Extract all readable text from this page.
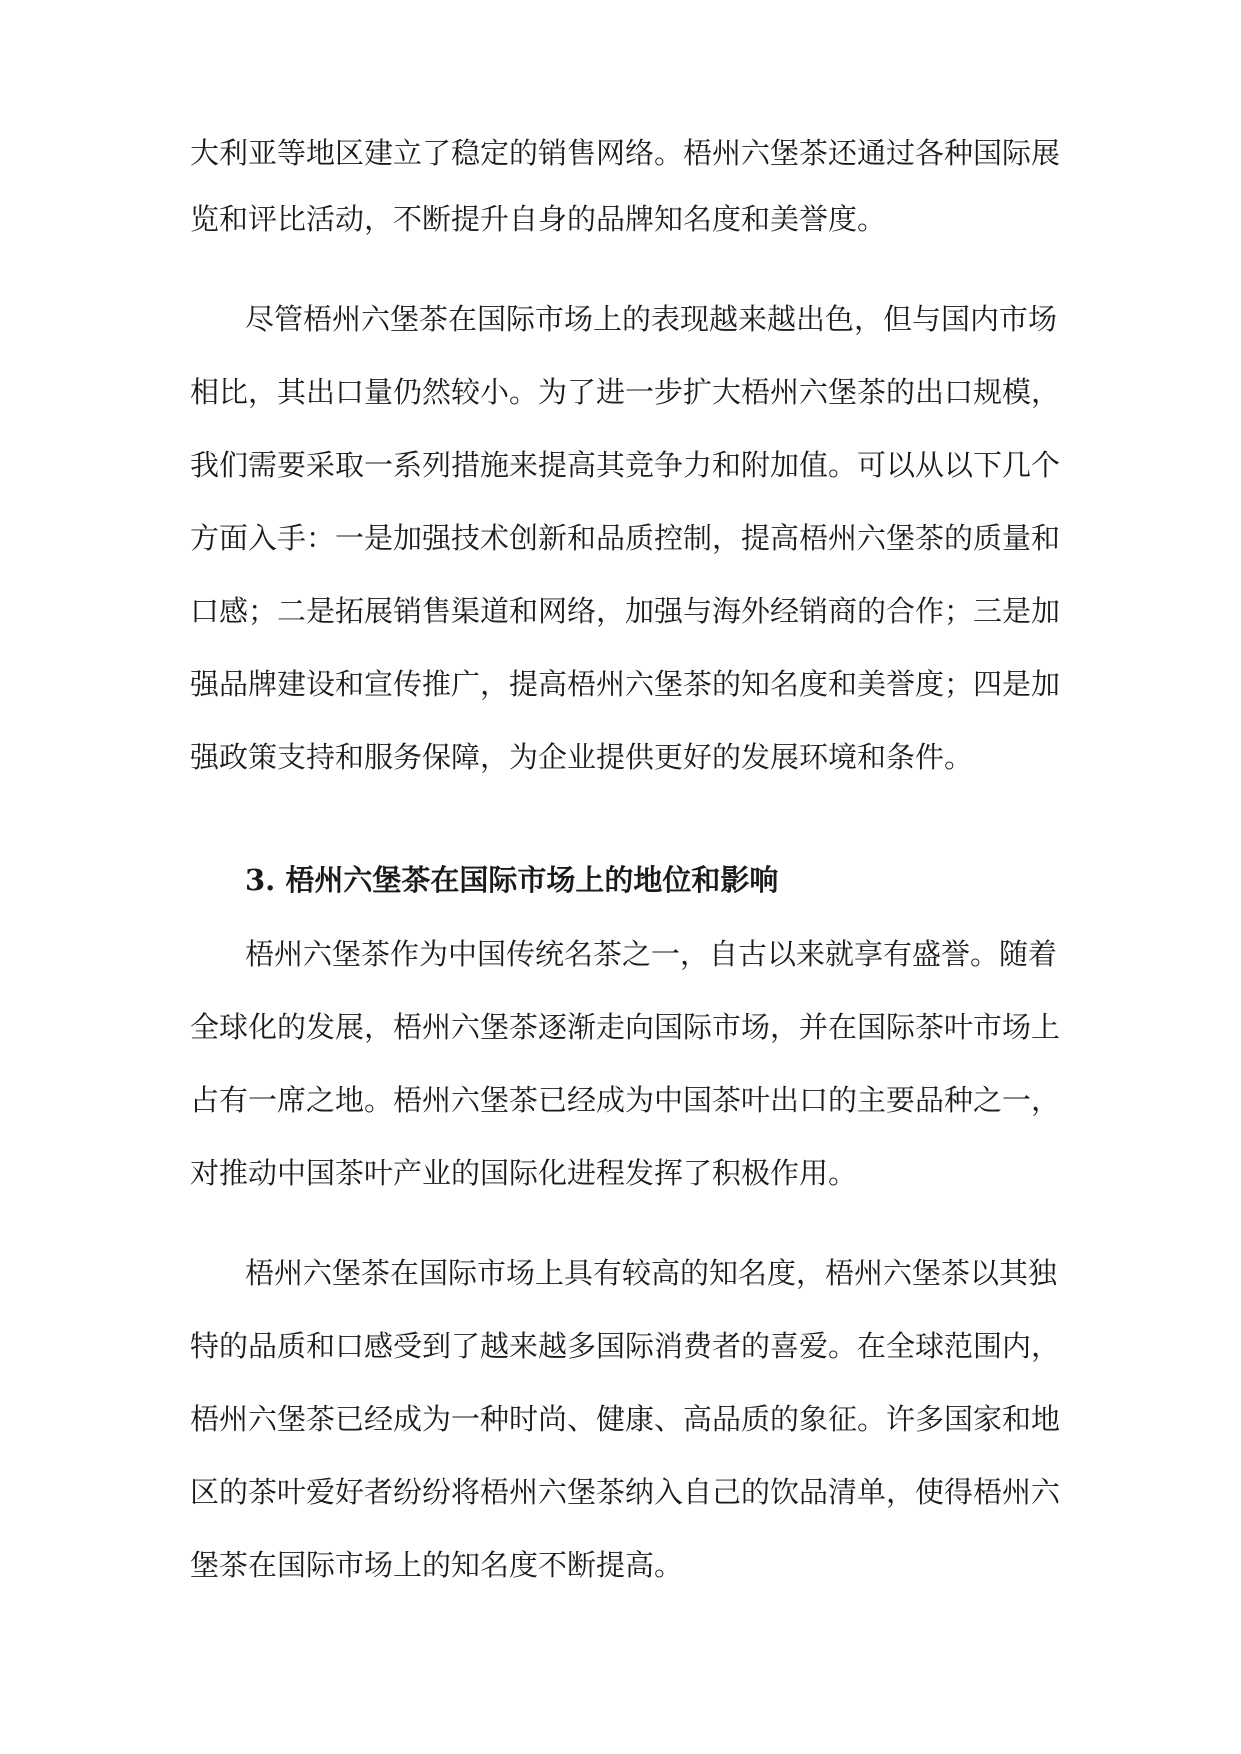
大利亚等地区建立了稳定的销售网络。梧州六堡茶还通过各种国际展
览和评比活动，不断提升自身的品牌知名度和美誉度。
尽管梧州六堡茶在国际市场上的表现越来越出色，但与国内市场
相比，其出口量仍然较小。为了进一步扩大梧州六堡茶的出口规模，
我们需要采取一系列措施来提高其竞争力和附加值。可以从以下几个
方面入手：一是加强技术创新和品质控制，提高梧州六堡茶的质量和
口感；二是拓展销售渠道和网络，加强与海外经销商的合作；三是加
强品牌建设和宣传推广，提高梧州六堡茶的知名度和美誉度；四是加
强政策支持和服务保障，为企业提供更好的发展环境和条件。
3. 梧州六堡茶在国际市场上的地位和影响
梧州六堡茶作为中国传统名茶之一，自古以来就享有盛誉。随着
全球化的发展，梧州六堡茶逐渐走向国际市场，并在国际茶叶市场上
占有一席之地。梧州六堡茶已经成为中国茶叶出口的主要品种之一，
对推动中国茶叶产业的国际化进程发挥了积极作用。
梧州六堡茶在国际市场上具有较高的知名度，梧州六堡茶以其独
特的品质和口感受到了越来越多国际消费者的喜爱。在全球范围内，
梧州六堡茶已经成为一种时尚、健康、高品质的象征。许多国家和地
区的茶叶爱好者纷纷将梧州六堡茶纳入自己的饮品清单，使得梧州六
堡茶在国际市场上的知名度不断提高。
